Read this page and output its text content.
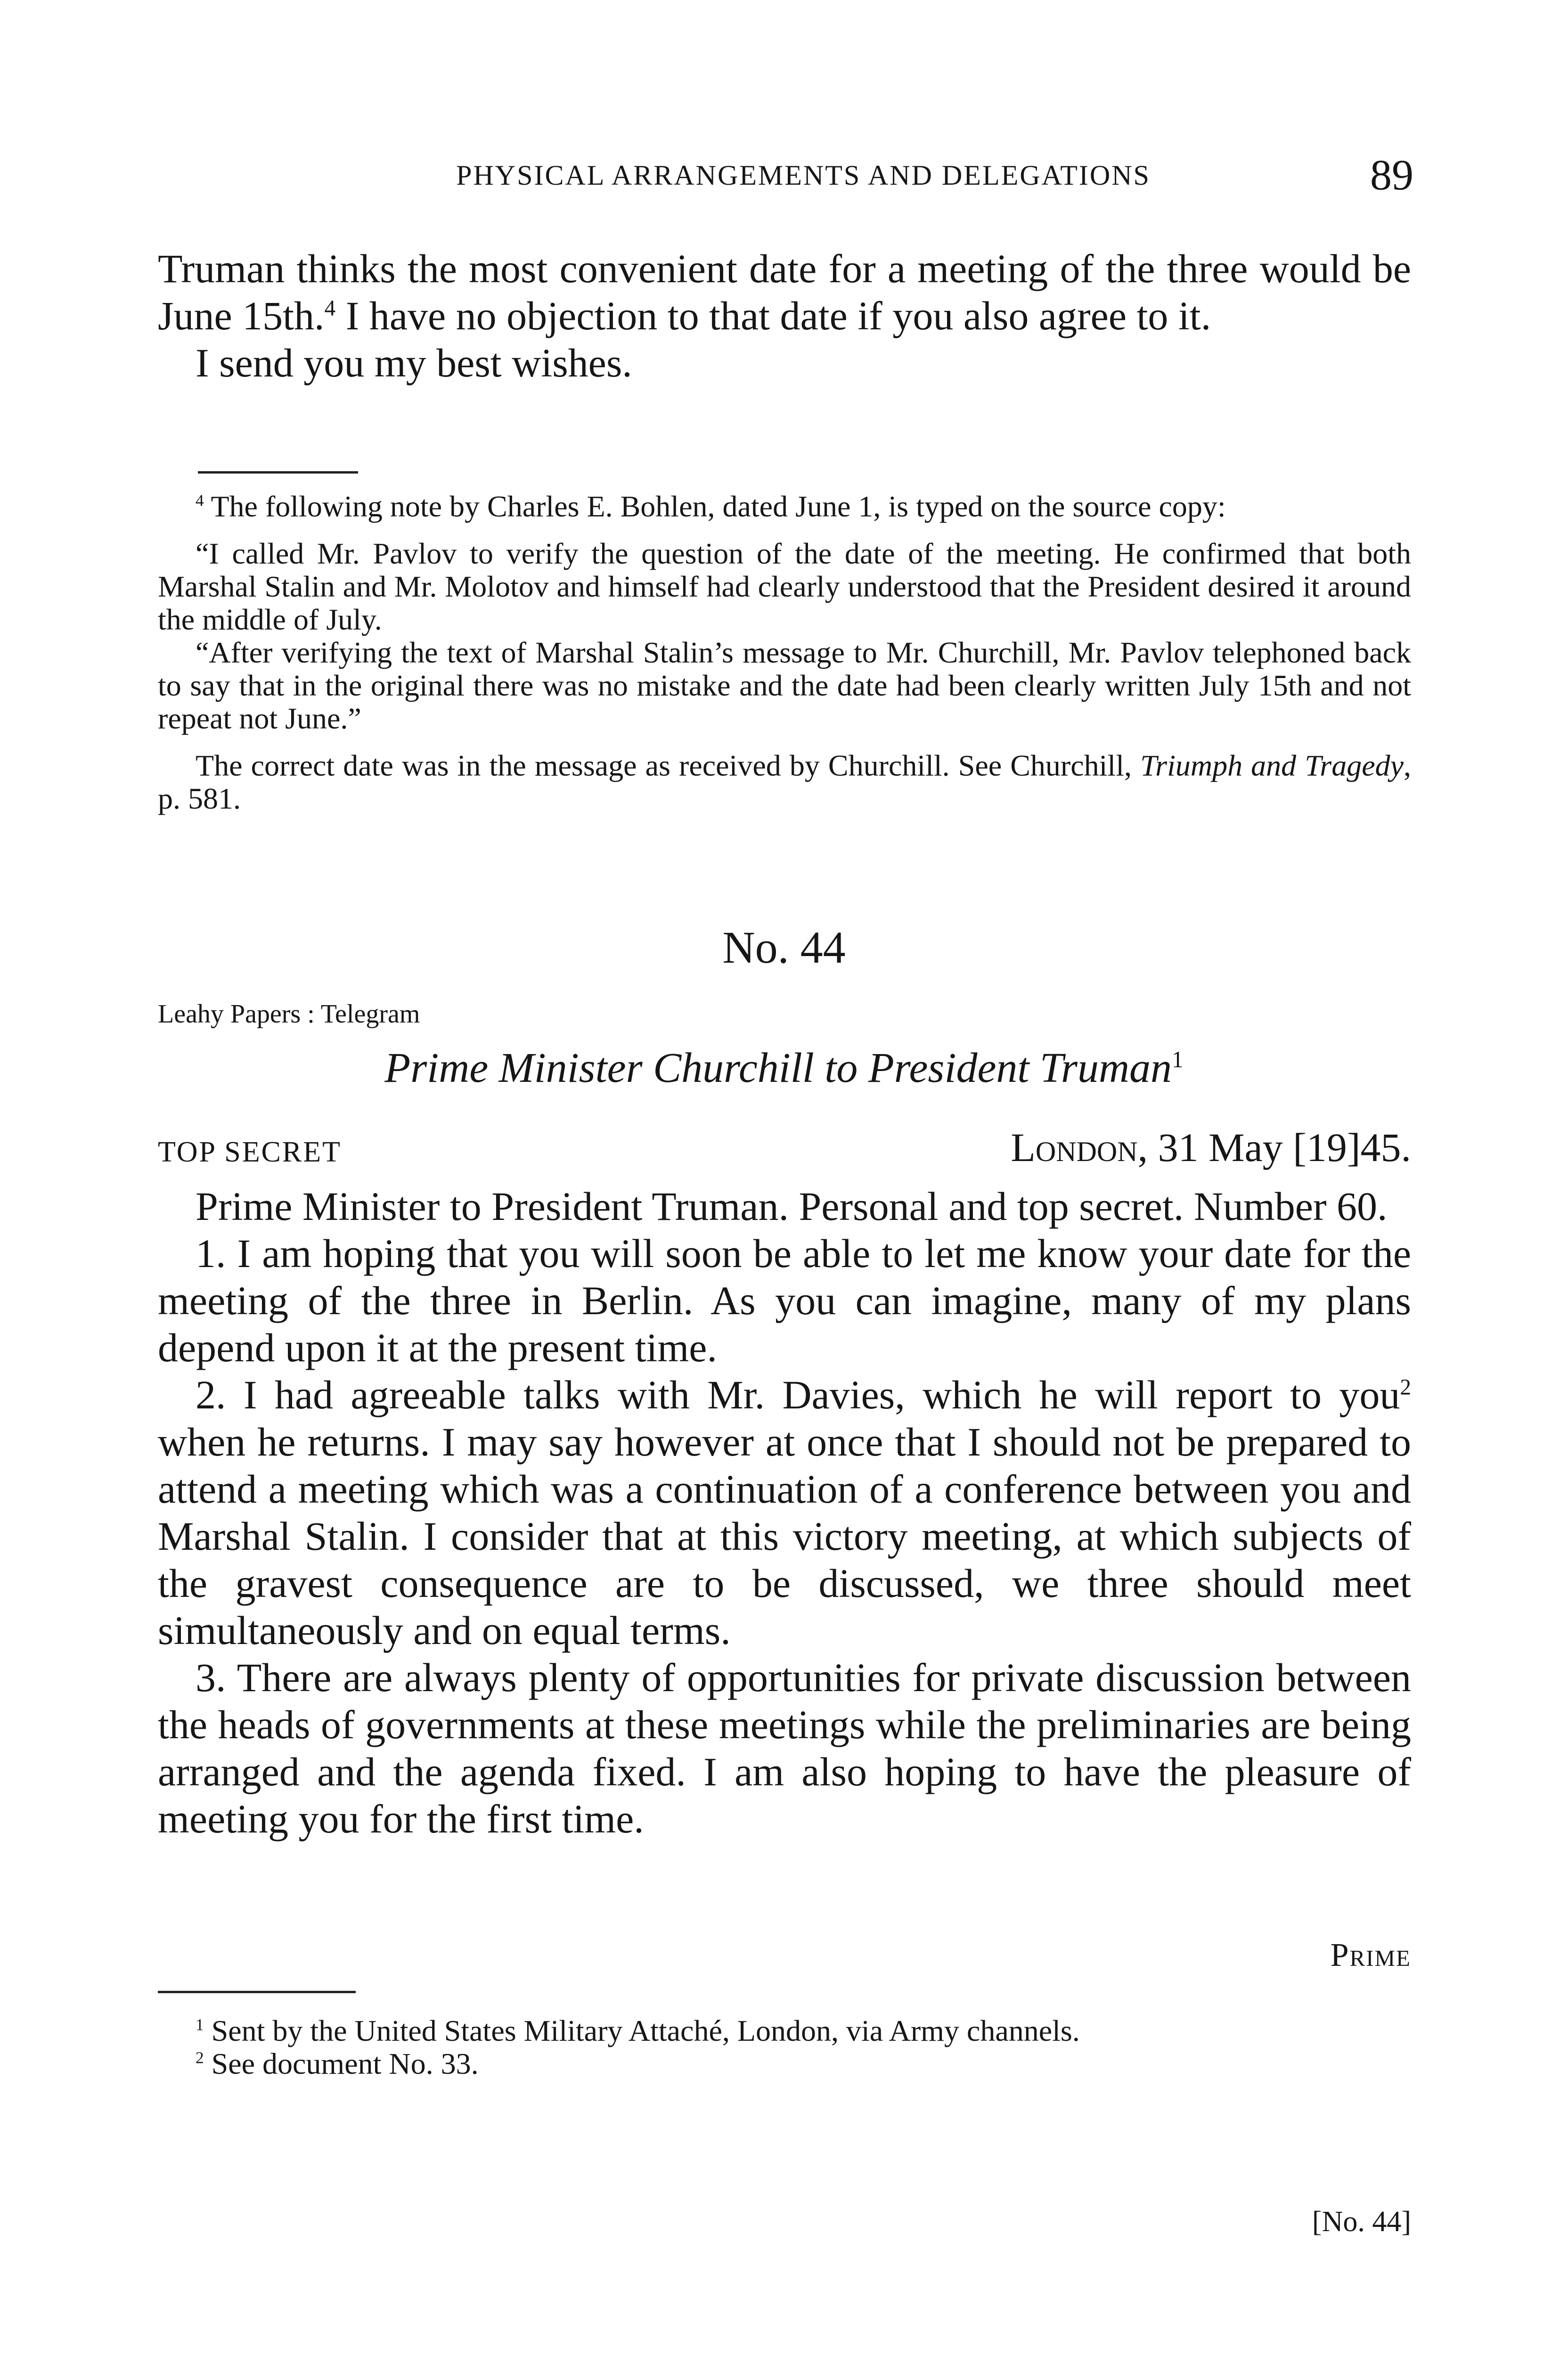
PHYSICAL ARRANGEMENTS AND DELEGATIONS	89

Truman thinks the most convenient date for a meeting of the three would be June 15th.$^4$ I have no objection to that date if you also agree to it.

I send you my best wishes.

$^4$ The following note by Charles E. Bohlen, dated June 1, is typed on the source copy:

“I called Mr. Pavlov to verify the question of the date of the meeting. He confirmed that both Marshal Stalin and Mr. Molotov and himself had clearly understood that the President desired it around the middle of July.

“After verifying the text of Marshal Stalin’s message to Mr. Churchill, Mr. Pavlov telephoned back to say that in the original there was no mistake and the date had been clearly written July 15th and not repeat not June.”

The correct date was in the message as received by Churchill. See Churchill, Triumph and Tragedy, p. 581.

No. 44
Leahy Papers : Telegram
Prime Minister Churchill to President Truman$^1$
TOP SECRET	London, 31 May [19]45.

Prime Minister to President Truman. Personal and top secret. Number 60.

1. I am hoping that you will soon be able to let me know your date for the meeting of the three in Berlin. As you can imagine, many of my plans depend upon it at the present time.

2. I had agreeable talks with Mr. Davies, which he will report to you$^2$ when he returns. I may say however at once that I should not be prepared to attend a meeting which was a continuation of a conference between you and Marshal Stalin. I consider that at this victory meeting, at which subjects of the gravest consequence are to be discussed, we three should meet simultaneously and on equal terms.

3. There are always plenty of opportunities for private discussion between the heads of governments at these meetings while the preliminaries are being arranged and the agenda fixed. I am also hoping to have the pleasure of meeting you for the first time.

Prime

$^1$ Sent by the United States Military Attaché, London, via Army channels.

$^2$ See document No. 33.

[No. 44]
